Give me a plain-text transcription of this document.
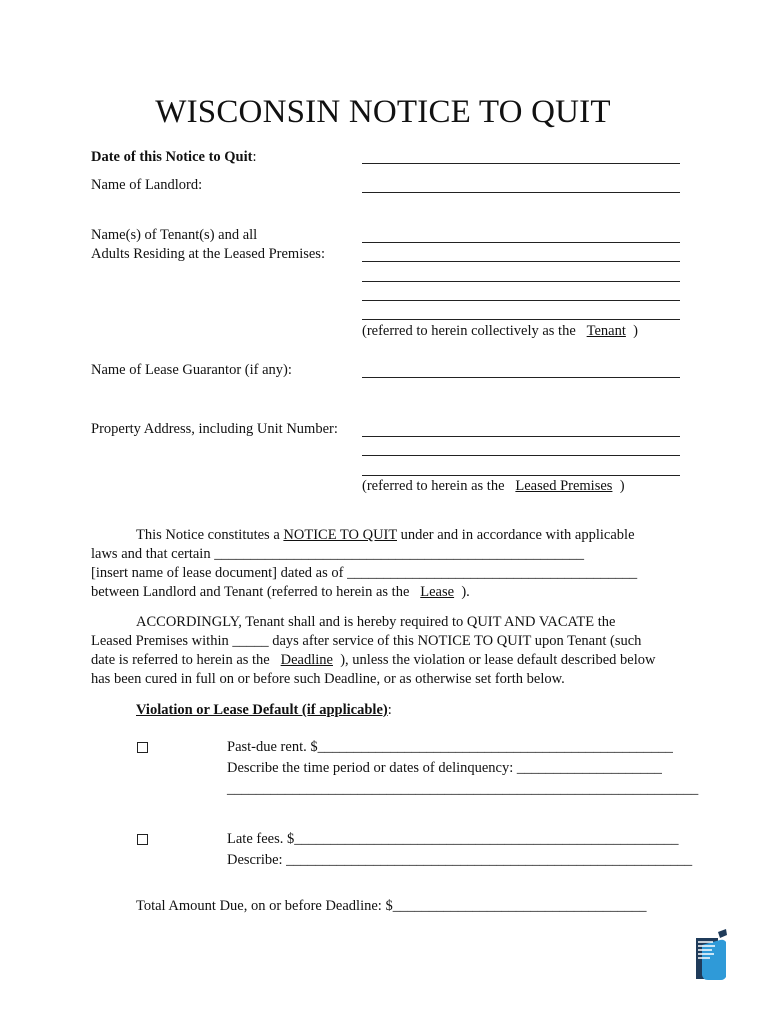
WISCONSIN NOTICE TO QUIT
Date of this Notice to Quit:
Name of Landlord:
Name(s) of Tenant(s) and all
Adults Residing at the Leased Premises:
(referred to herein collectively as the Tenant )
Name of Lease Guarantor (if any):
Property Address, including Unit Number:
(referred to herein as the Leased Premises )
This Notice constitutes a NOTICE TO QUIT under and in accordance with applicable
laws and that certain ___________________________________________________
[insert name of lease document] dated as of ________________________________________
between Landlord and Tenant (referred to herein as the Lease ).
ACCORDINGLY, Tenant shall and is hereby required to QUIT AND VACATE the
Leased Premises within _____ days after service of this NOTICE TO QUIT upon Tenant (such
date is referred to herein as the Deadline ), unless the violation or lease default described below
has been cured in full on or before such Deadline, or as otherwise set forth below.
Violation or Lease Default (if applicable):
Past-due rent. $_________________________________________________
Describe the time period or dates of delinquency: ____________________
_________________________________________________________________
Late fees. $_____________________________________________________
Describe: ________________________________________________________
Total Amount Due, on or before Deadline: $___________________________________
